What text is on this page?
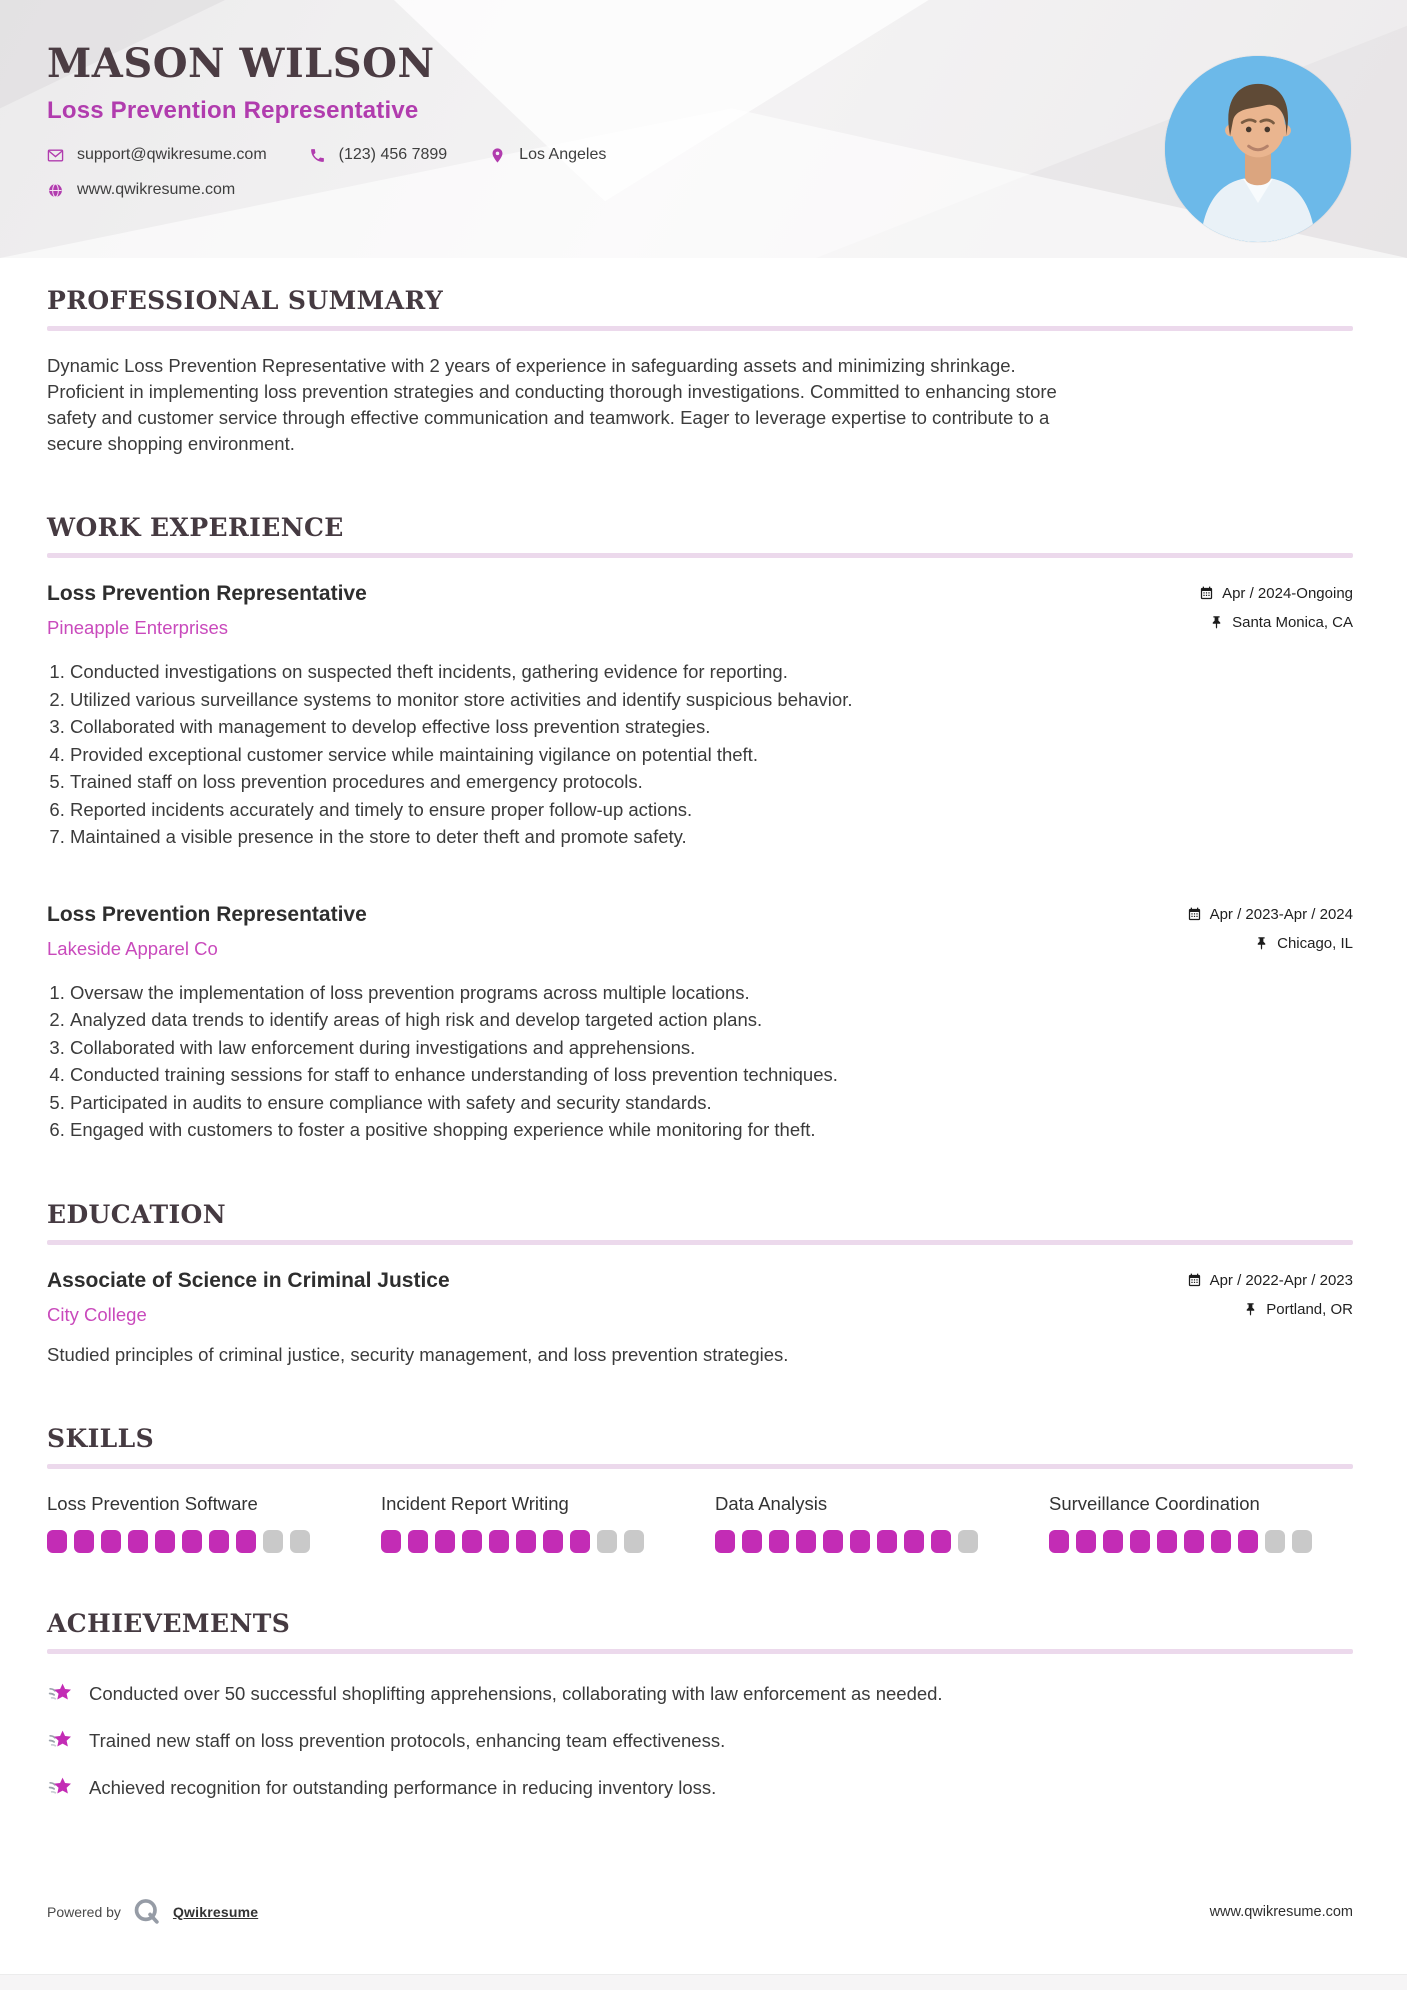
MASON WILSON
Loss Prevention Representative
support@qwikresume.com	(123) 456 7899	Los Angeles
www.qwikresume.com
PROFESSIONAL SUMMARY

Dynamic Loss Prevention Representative with 2 years of experience in safeguarding assets and minimizing shrinkage. Proficient in implementing loss prevention strategies and conducting thorough investigations. Committed to enhancing store safety and customer service through effective communication and teamwork. Eager to leverage expertise to contribute to a secure shopping environment.

WORK EXPERIENCE
Loss Prevention Representative
Pineapple Enterprises
Apr / 2024-Ongoing
Santa Monica, CA
1. Conducted investigations on suspected theft incidents, gathering evidence for reporting.
2. Utilized various surveillance systems to monitor store activities and identify suspicious behavior.
3. Collaborated with management to develop effective loss prevention strategies.
4. Provided exceptional customer service while maintaining vigilance on potential theft.
5. Trained staff on loss prevention procedures and emergency protocols.
6. Reported incidents accurately and timely to ensure proper follow-up actions.
7. Maintained a visible presence in the store to deter theft and promote safety.
Loss Prevention Representative
Lakeside Apparel Co
Apr / 2023-Apr / 2024
Chicago, IL
1. Oversaw the implementation of loss prevention programs across multiple locations.
2. Analyzed data trends to identify areas of high risk and develop targeted action plans.
3. Collaborated with law enforcement during investigations and apprehensions.
4. Conducted training sessions for staff to enhance understanding of loss prevention techniques.
5. Participated in audits to ensure compliance with safety and security standards.
6. Engaged with customers to foster a positive shopping experience while monitoring for theft.
EDUCATION
Associate of Science in Criminal Justice
City College
Apr / 2022-Apr / 2023
Portland, OR

Studied principles of criminal justice, security management, and loss prevention strategies.

SKILLS
Loss Prevention Software	Incident Report Writing	Data Analysis	Surveillance Coordination
ACHIEVEMENTS
Conducted over 50 successful shoplifting apprehensions, collaborating with law enforcement as needed.
Trained new staff on loss prevention protocols, enhancing team effectiveness.
Achieved recognition for outstanding performance in reducing inventory loss.
Powered by	Qwikresume	www.qwikresume.com
